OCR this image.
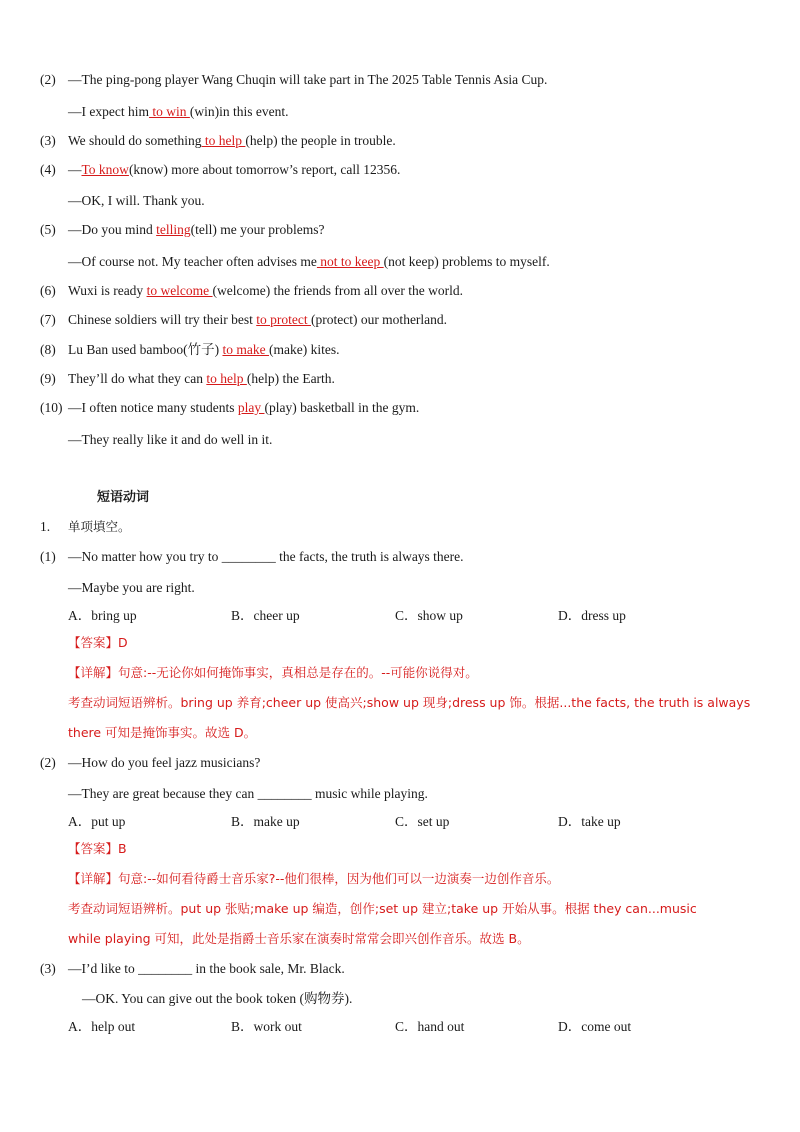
(2) —The ping-pong player Wang Chuqin will take part in The 2025 Table Tennis Asia Cup.
—I expect him to win (win)in this event.
(3) We should do something to help (help) the people in trouble.
(4) —To know(know) more about tomorrow’s report, call 12356.
—OK, I will. Thank you.
(5) —Do you mind telling(tell) me your problems?
—Of course not. My teacher often advises me not to keep (not keep) problems to myself.
(6) Wuxi is ready to welcome (welcome) the friends from all over the world.
(7) Chinese soldiers will try their best to protect (protect) our motherland.
(8) Lu Ban used bamboo(竹子) to make (make) kites.
(9) They’ll do what they can to help (help) the Earth.
(10) —I often notice many students play (play) basketball in the gym.
—They really like it and do well in it.
短语动词
1. 单项填空。
(1) —No matter how you try to ________ the facts, the truth is always there.
—Maybe you are right.
A．bring up	B．cheer up	C．show up	D．dress up
【答案】D
【详解】句意:--无论你如何掩饰事实，真相总是存在的。--可能你说得对。
考查动词短语辨析。bring up 养育;cheer up 使高兴;show up 现身;dress up 饰。根据...the facts, the truth is always
there 可知是掩饰事实。故选 D。
(2) —How do you feel jazz musicians?
—They are great because they can ________ music while playing.
A．put up	B．make up	C．set up	D．take up
【答案】B
【详解】句意:--如何看待爵士音乐家?--他们很棒，因为他们可以一边演奏一边创作音乐。
考查动词短语辨析。put up 张贴;make up 编造，创作;set up 建立;take up 开始从事。根据 they can...music
while playing 可知，此处是指爵士音乐家在演奏时常常会即兴创作音乐。故选 B。
(3) —I’d like to ________ in the book sale, Mr. Black.
—OK. You can give out the book token (购物券).
A．help out	B．work out	C．hand out	D．come out
